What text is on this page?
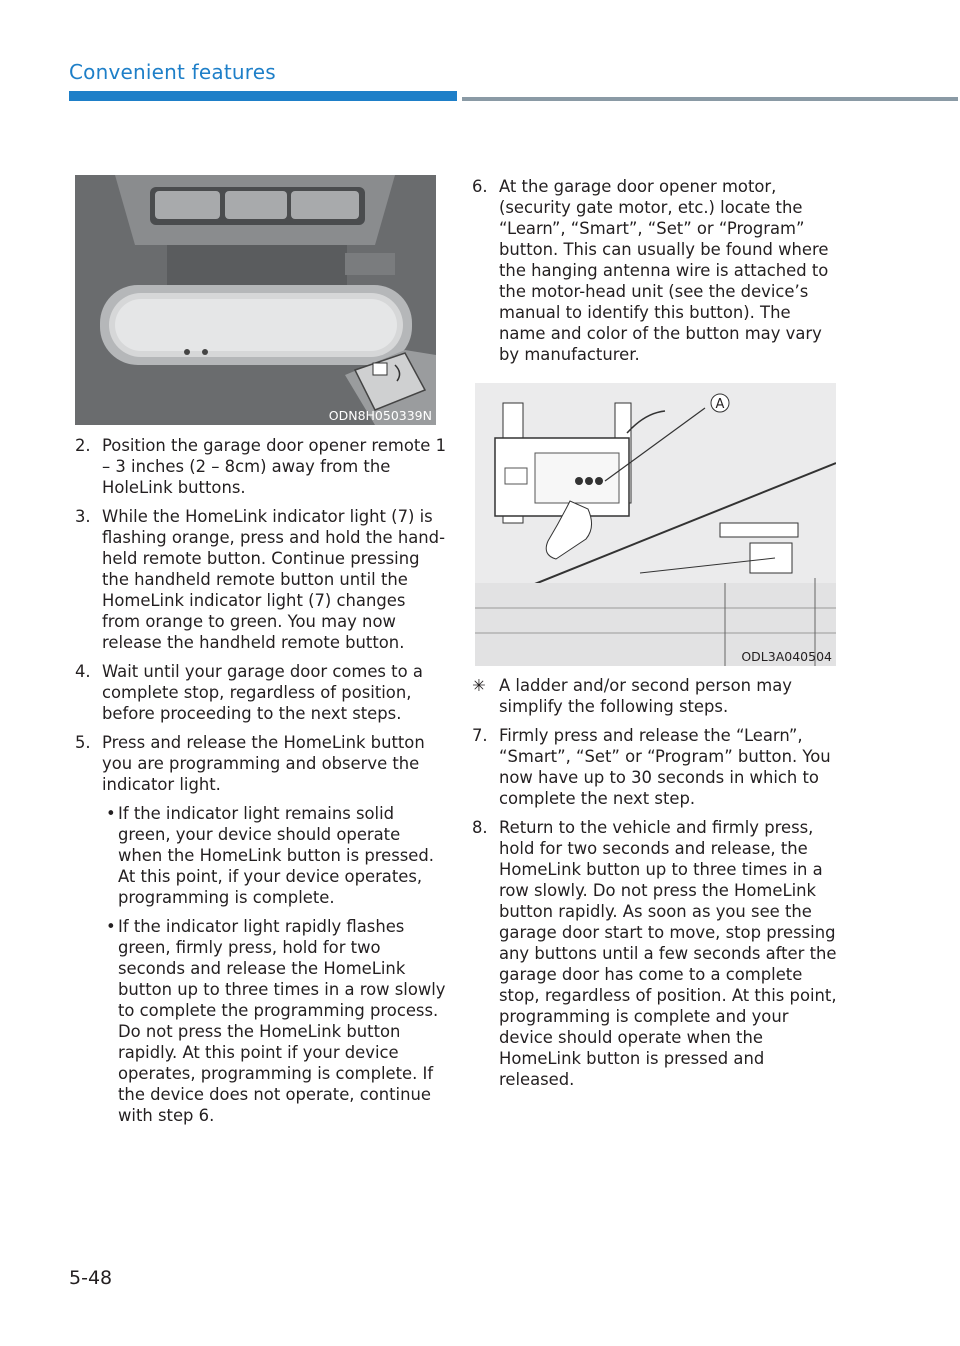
Convenient features
ODN8H050339N
A
ODL3A040504
2. Position the garage door opener remote 1 – 3 inches (2 – 8cm) away from the HoleLink buttons.
3. While the HomeLink indicator light (7) is flashing orange, press and hold the hand-held remote button. Continue pressing the handheld remote button until the HomeLink indicator light (7) changes from orange to green. You may now release the handheld remote button.
4. Wait until your garage door comes to a complete stop, regardless of position, before proceeding to the next steps.
5. Press and release the HomeLink button you are programming and observe the indicator light.
• If the indicator light remains solid green, your device should operate when the HomeLink button is pressed. At this point, if your device operates, programming is complete.
• If the indicator light rapidly flashes green, firmly press, hold for two seconds and release the HomeLink button up to three times in a row slowly to complete the programming process. Do not press the HomeLink button rapidly. At this point if your device operates, programming is complete. If the device does not operate, continue with step 6.
6. At the garage door opener motor, (security gate motor, etc.) locate the “Learn”, “Smart”, “Set” or “Program” button. This can usually be found where the hanging antenna wire is attached to the motor-head unit (see the device’s manual to identify this button). The name and color of the button may vary by manufacturer.
✳ A ladder and/or second person may simplify the following steps.
7. Firmly press and release the “Learn”, “Smart”, “Set” or “Program” button. You now have up to 30 seconds in which to complete the next step.
8. Return to the vehicle and firmly press, hold for two seconds and release, the HomeLink button up to three times in a row slowly. Do not press the HomeLink button rapidly. As soon as you see the garage door start to move, stop pressing any buttons until a few seconds after the garage door has come to a complete stop, regardless of position. At this point, programming is complete and your device should operate when the HomeLink button is pressed and released.
5-48
